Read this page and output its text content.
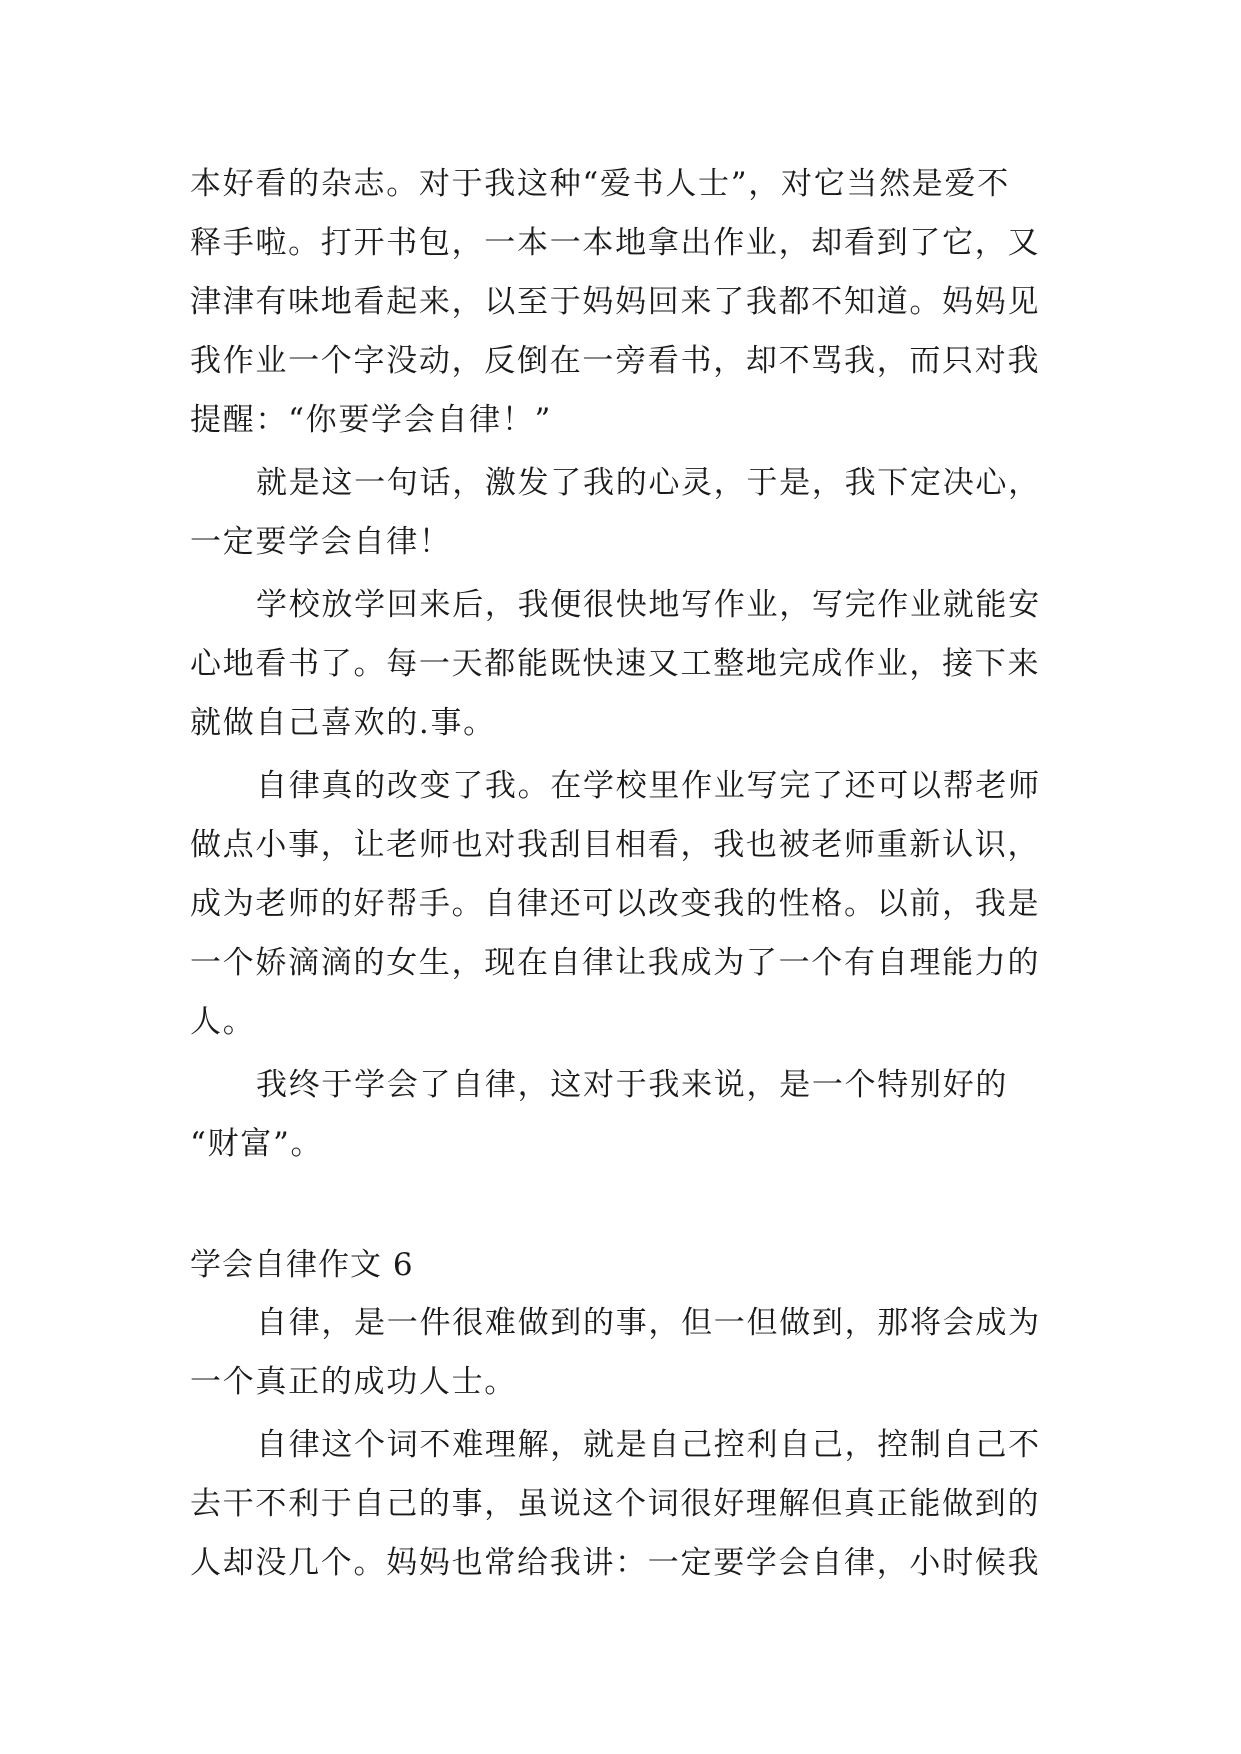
本好看的杂志。对于我这种“爱书人士”，对它当然是爱不
释手啦。打开书包，一本一本地拿出作业，却看到了它，又
津津有味地看起来，以至于妈妈回来了我都不知道。妈妈见
我作业一个字没动，反倒在一旁看书，却不骂我，而只对我
提醒：“你要学会自律！”
就是这一句话，激发了我的心灵，于是，我下定决心，
一定要学会自律！
学校放学回来后，我便很快地写作业，写完作业就能安
心地看书了。每一天都能既快速又工整地完成作业，接下来
就做自己喜欢的.事。
自律真的改变了我。在学校里作业写完了还可以帮老师
做点小事，让老师也对我刮目相看，我也被老师重新认识，
成为老师的好帮手。自律还可以改变我的性格。以前，我是
一个娇滴滴的女生，现在自律让我成为了一个有自理能力的
人。
我终于学会了自律，这对于我来说，是一个特别好的
“财富”。
学会自律作文 6
自律，是一件很难做到的事，但一但做到，那将会成为
一个真正的成功人士。
自律这个词不难理解，就是自己控利自己，控制自己不
去干不利于自己的事，虽说这个词很好理解但真正能做到的
人却没几个。妈妈也常给我讲：一定要学会自律，小时候我
